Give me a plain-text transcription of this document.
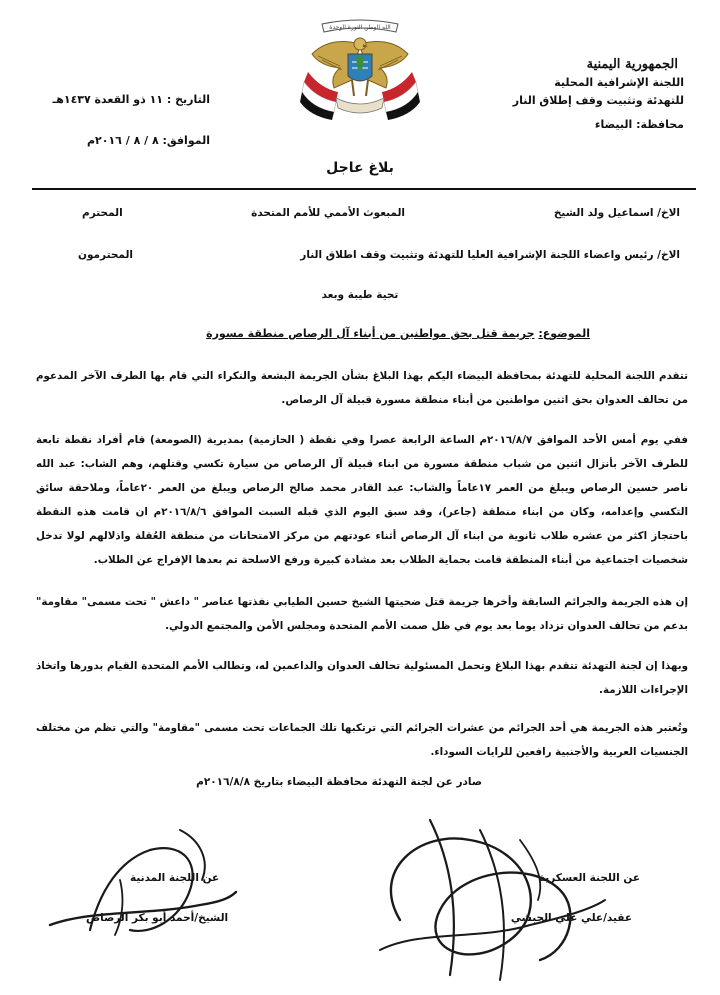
الجمهورية اليمنية
اللجنة الإشرافية المحلية
للتهدئة وتثبيت وقف إطلاق النار
محافظة: البيضاء
الله الوطن الثورة الوحدة
التاريخ : ١١ ذو القعدة ١٤٣٧هـ
الموافق: ٨ / ٨ / ٢٠١٦م
بلاغ عاجل
الاخ/ اسماعيل ولد الشيخ
المبعوث الأممي للأمم المتحدة
المحترم
الاخ/ رئيس واعضاء اللجنة الإشرافية العليا للتهدئة وتثبيت وقف اطلاق النار
المحترمون
تحية طيبة وبعد
الموضوع: جريمة قتل بحق مواطنين من أبناء آل الرصاص منطقة مسورة
تتقدم اللجنة المحلية للتهدئة بمحافظة البيضاء اليكم بهذا البلاغ بشأن الجريمة البشعة والنكراء التي قام بها الطرف الآخر المدعوم من تحالف العدوان بحق اثنين مواطنين من أبناء منطقة مسورة قبيلة آل الرصاص.
ففي يوم أمس الأحد الموافق ٢٠١٦/٨/٧م الساعة الرابعة عصرا وفي نقطة ( الحازمية) بمديرية (الصومعة) قام أفراد نقطة تابعة للطرف الآخر بأنزال اثنين من شباب منطقة مسورة من ابناء قبيلة آل الرصاص من سيارة تكسي وقتلهم، وهم الشاب: عبد الله ناصر حسين الرصاص ويبلغ من العمر ١٧عاماً والشاب: عبد القادر محمد صالح الرصاص ويبلغ من العمر ٢٠عاماً، وملاحقة سائق التكسي وإعدامه، وكان من ابناء منطقة (جاعر)، وقد سبق اليوم الذي قبله السبت الموافق ٢٠١٦/٨/٦م ان قامت هذه النقطة باحتجاز اكثر من عشره طلاب ثانوية من ابناء آل الرصاص أثناء عودتهم من مركز الامتحانات من منطقة العُقلة واذلالهم لولا تدخل شخصيات اجتماعية من أبناء المنطقة قامت بحماية الطلاب بعد مشادة كبيرة ورفع الاسلحة تم بعدها الإفراج عن الطلاب.
إن هذه الجريمة والجرائم السابقة وأخرها جريمة قتل ضحيتها الشيخ حسين الطيابي نفذتها عناصر " داعش " تحت مسمى" مقاومة" بدعم من تحالف العدوان تزداد يوما بعد يوم في ظل صمت الأمم المتحدة ومجلس الأمن والمجتمع الدولي.
وبهذا إن لجنة التهدئة تتقدم بهذا البلاغ وتحمل المسئولية تحالف العدوان والداعمين له، وتطالب الأمم المتحدة القيام بدورها واتخاذ الإجراءات اللازمة.
وتُعتبر هذه الجريمة هي أحد الجرائم من عشرات الجرائم التي ترتكبها تلك الجماعات تحت مسمى "مقاومة" والتي تظم من مختلف الجنسيات العربية والأجنبية رافعين للرايات السوداء.
صادر عن لجنة التهدئة محافظة البيضاء بتاريخ ٢٠١٦/٨/٨م
عن اللجنة العسكرية
عقيد/علي علي الجبشي
عن اللجنة المدنية
الشيخ/أحمد أبو بكر الرصاص
